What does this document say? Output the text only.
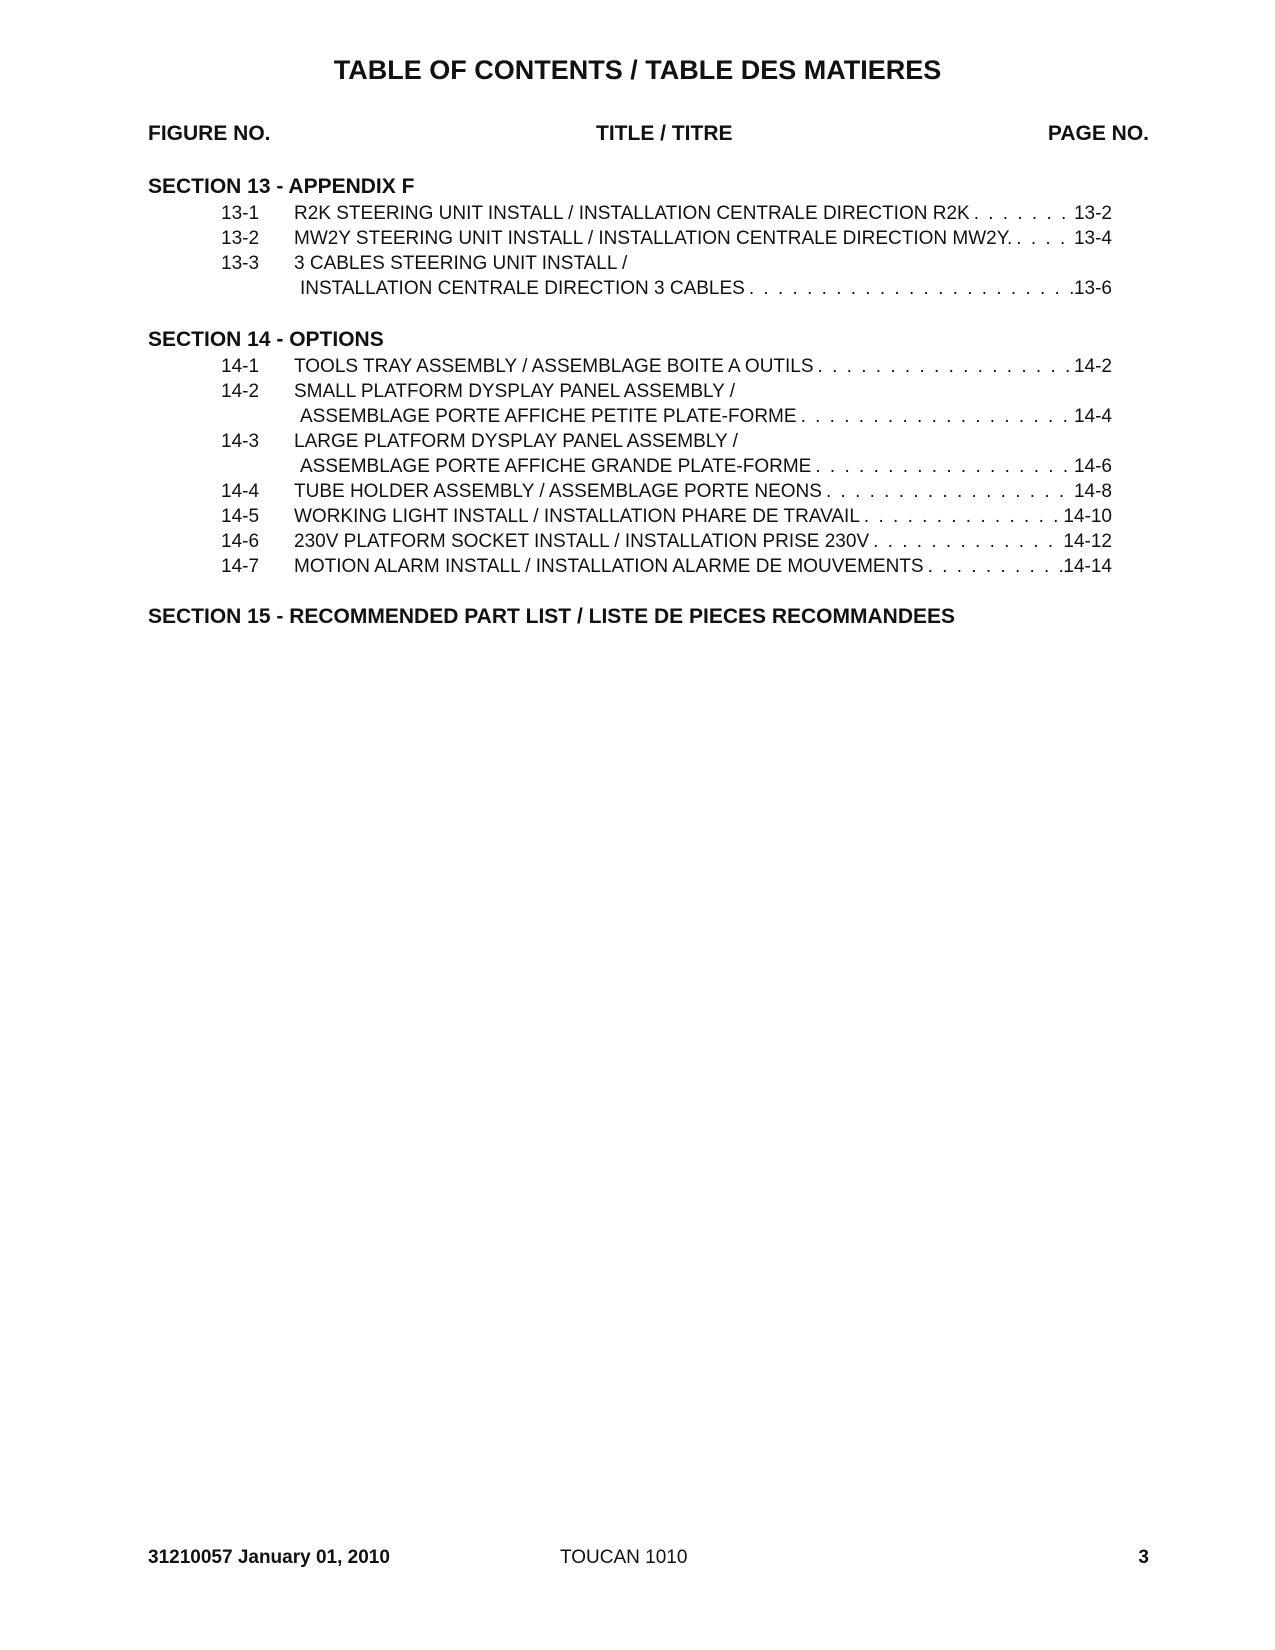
TABLE OF CONTENTS / TABLE DES MATIERES
FIGURE NO.	TITLE / TITRE	PAGE NO.
SECTION 13 - APPENDIX F
13-1 R2K STEERING UNIT INSTALL / INSTALLATION CENTRALE DIRECTION R2K . . .	13-2
13-2 MW2Y STEERING UNIT INSTALL / INSTALLATION CENTRALE DIRECTION MW2Y. . . .	13-4
13-3 3 CABLES STEERING UNIT INSTALL /
INSTALLATION CENTRALE DIRECTION 3 CABLES . . .	13-6
SECTION 14 - OPTIONS
14-1 TOOLS TRAY ASSEMBLY / ASSEMBLAGE BOITE A OUTILS . . .	14-2
14-2 SMALL PLATFORM DYSPLAY PANEL ASSEMBLY /
ASSEMBLAGE PORTE AFFICHE PETITE PLATE-FORME . . .	14-4
14-3 LARGE PLATFORM DYSPLAY PANEL ASSEMBLY /
ASSEMBLAGE PORTE AFFICHE GRANDE PLATE-FORME . . .	14-6
14-4 TUBE HOLDER ASSEMBLY / ASSEMBLAGE PORTE NEONS . . .	14-8
14-5 WORKING LIGHT INSTALL / INSTALLATION PHARE DE TRAVAIL . . .	14-10
14-6 230V PLATFORM SOCKET INSTALL / INSTALLATION PRISE 230V . . .	14-12
14-7 MOTION ALARM INSTALL / INSTALLATION ALARME DE MOUVEMENTS . . .	14-14
SECTION 15 - RECOMMENDED PART LIST / LISTE DE PIECES RECOMMANDEES
31210057 January 01, 2010	TOUCAN 1010	3
